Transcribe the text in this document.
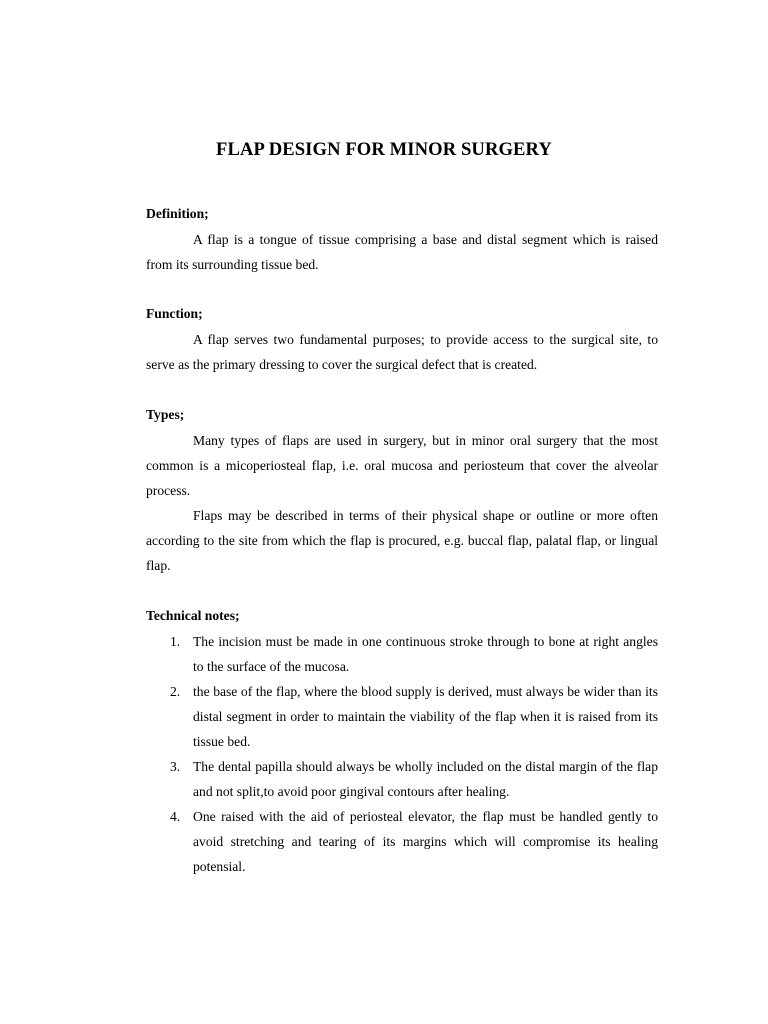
FLAP DESIGN FOR MINOR SURGERY
Definition;

A flap is a tongue of tissue comprising a base and distal segment which is raised from its surrounding tissue bed.

Function;

A flap serves two fundamental purposes; to provide access to the surgical site, to serve as the primary dressing to cover the surgical defect that is created.

Types;

Many types of flaps are used in surgery, but in minor oral surgery that the most common is a micoperiosteal flap, i.e. oral mucosa and periosteum that cover the alveolar process.

Flaps may be described in terms of their physical shape or outline or more often according to the site from which the flap is procured, e.g. buccal flap, palatal flap, or lingual flap.

Technical notes;
1. The incision must be made in one continuous stroke through to bone at right angles to the surface of the mucosa.
2. the base of the flap, where the blood supply is derived, must always be wider than its distal segment in order to maintain the viability of the flap when it is raised from its tissue bed.
3. The dental papilla should always be wholly included on the distal margin of the flap and not split,to avoid poor gingival contours after healing.
4. One raised with the aid of periosteal elevator, the flap must be handled gently to avoid stretching and tearing of its margins which will compromise its healing potensial.
